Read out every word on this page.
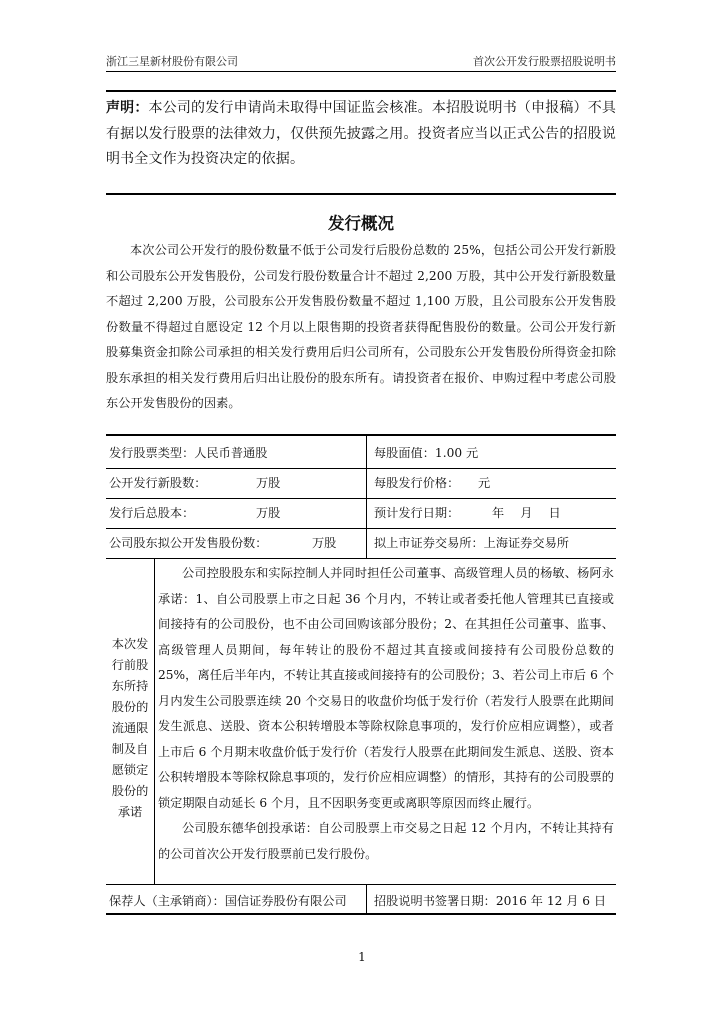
浙江三星新材股份有限公司	首次公开发行股票招股说明书
声明：本公司的发行申请尚未取得中国证监会核准。本招股说明书（申报稿）不具有据以发行股票的法律效力，仅供预先披露之用。投资者应当以正式公告的招股说明书全文作为投资决定的依据。
发行概况
本次公司公开发行的股份数量不低于公司发行后股份总数的 25%，包括公司公开发行新股和公司股东公开发售股份，公司发行股份数量合计不超过 2,200 万股，其中公开发行新股数量不超过 2,200 万股，公司股东公开发售股份数量不超过 1,100 万股，且公司股东公开发售股份数量不得超过自愿设定 12 个月以上限售期的投资者获得配售股份的数量。公司公开发行新股募集资金扣除公司承担的相关发行费用后归公司所有，公司股东公开发售股份所得资金扣除股东承担的相关发行费用后归出让股份的股东所有。请投资者在报价、申购过程中考虑公司股东公开发售股份的因素。
发行股票类型：人民币普通股	每股面值：1.00 元
公开发行新股数：	万股	每股发行价格： 元
发行后总股本：	万股	预计发行日期：	年　 月　 日
公司股东拟公开发售股份数：	万股	拟上市证券交易所：上海证券交易所
本次发行前股东所持股份的流通限制及自愿锁定股份的承诺

公司控股股东和实际控制人并同时担任公司董事、高级管理人员的杨敏、杨阿永承诺：1、自公司股票上市之日起 36 个月内，不转让或者委托他人管理其已直接或间接持有的公司股份，也不由公司回购该部分股份；2、在其担任公司董事、监事、高级管理人员期间，每年转让的股份不超过其直接或间接持有公司股份总数的 25%，离任后半年内，不转让其直接或间接持有的公司股份；3、若公司上市后 6 个月内发生公司股票连续 20 个交易日的收盘价均低于发行价（若发行人股票在此期间发生派息、送股、资本公积转增股本等除权除息事项的，发行价应相应调整），或者上市后 6 个月期末收盘价低于发行价（若发行人股票在此期间发生派息、送股、资本公积转增股本等除权除息事项的，发行价应相应调整）的情形，其持有的公司股票的锁定期限自动延长 6 个月，且不因职务变更或离职等原因而终止履行。

公司股东德华创投承诺：自公司股票上市交易之日起 12 个月内，不转让其持有的公司首次公开发行股票前已发行股份。

保荐人（主承销商）：国信证券股份有限公司 招股说明书签署日期：2016 年 12 月 6 日
1
